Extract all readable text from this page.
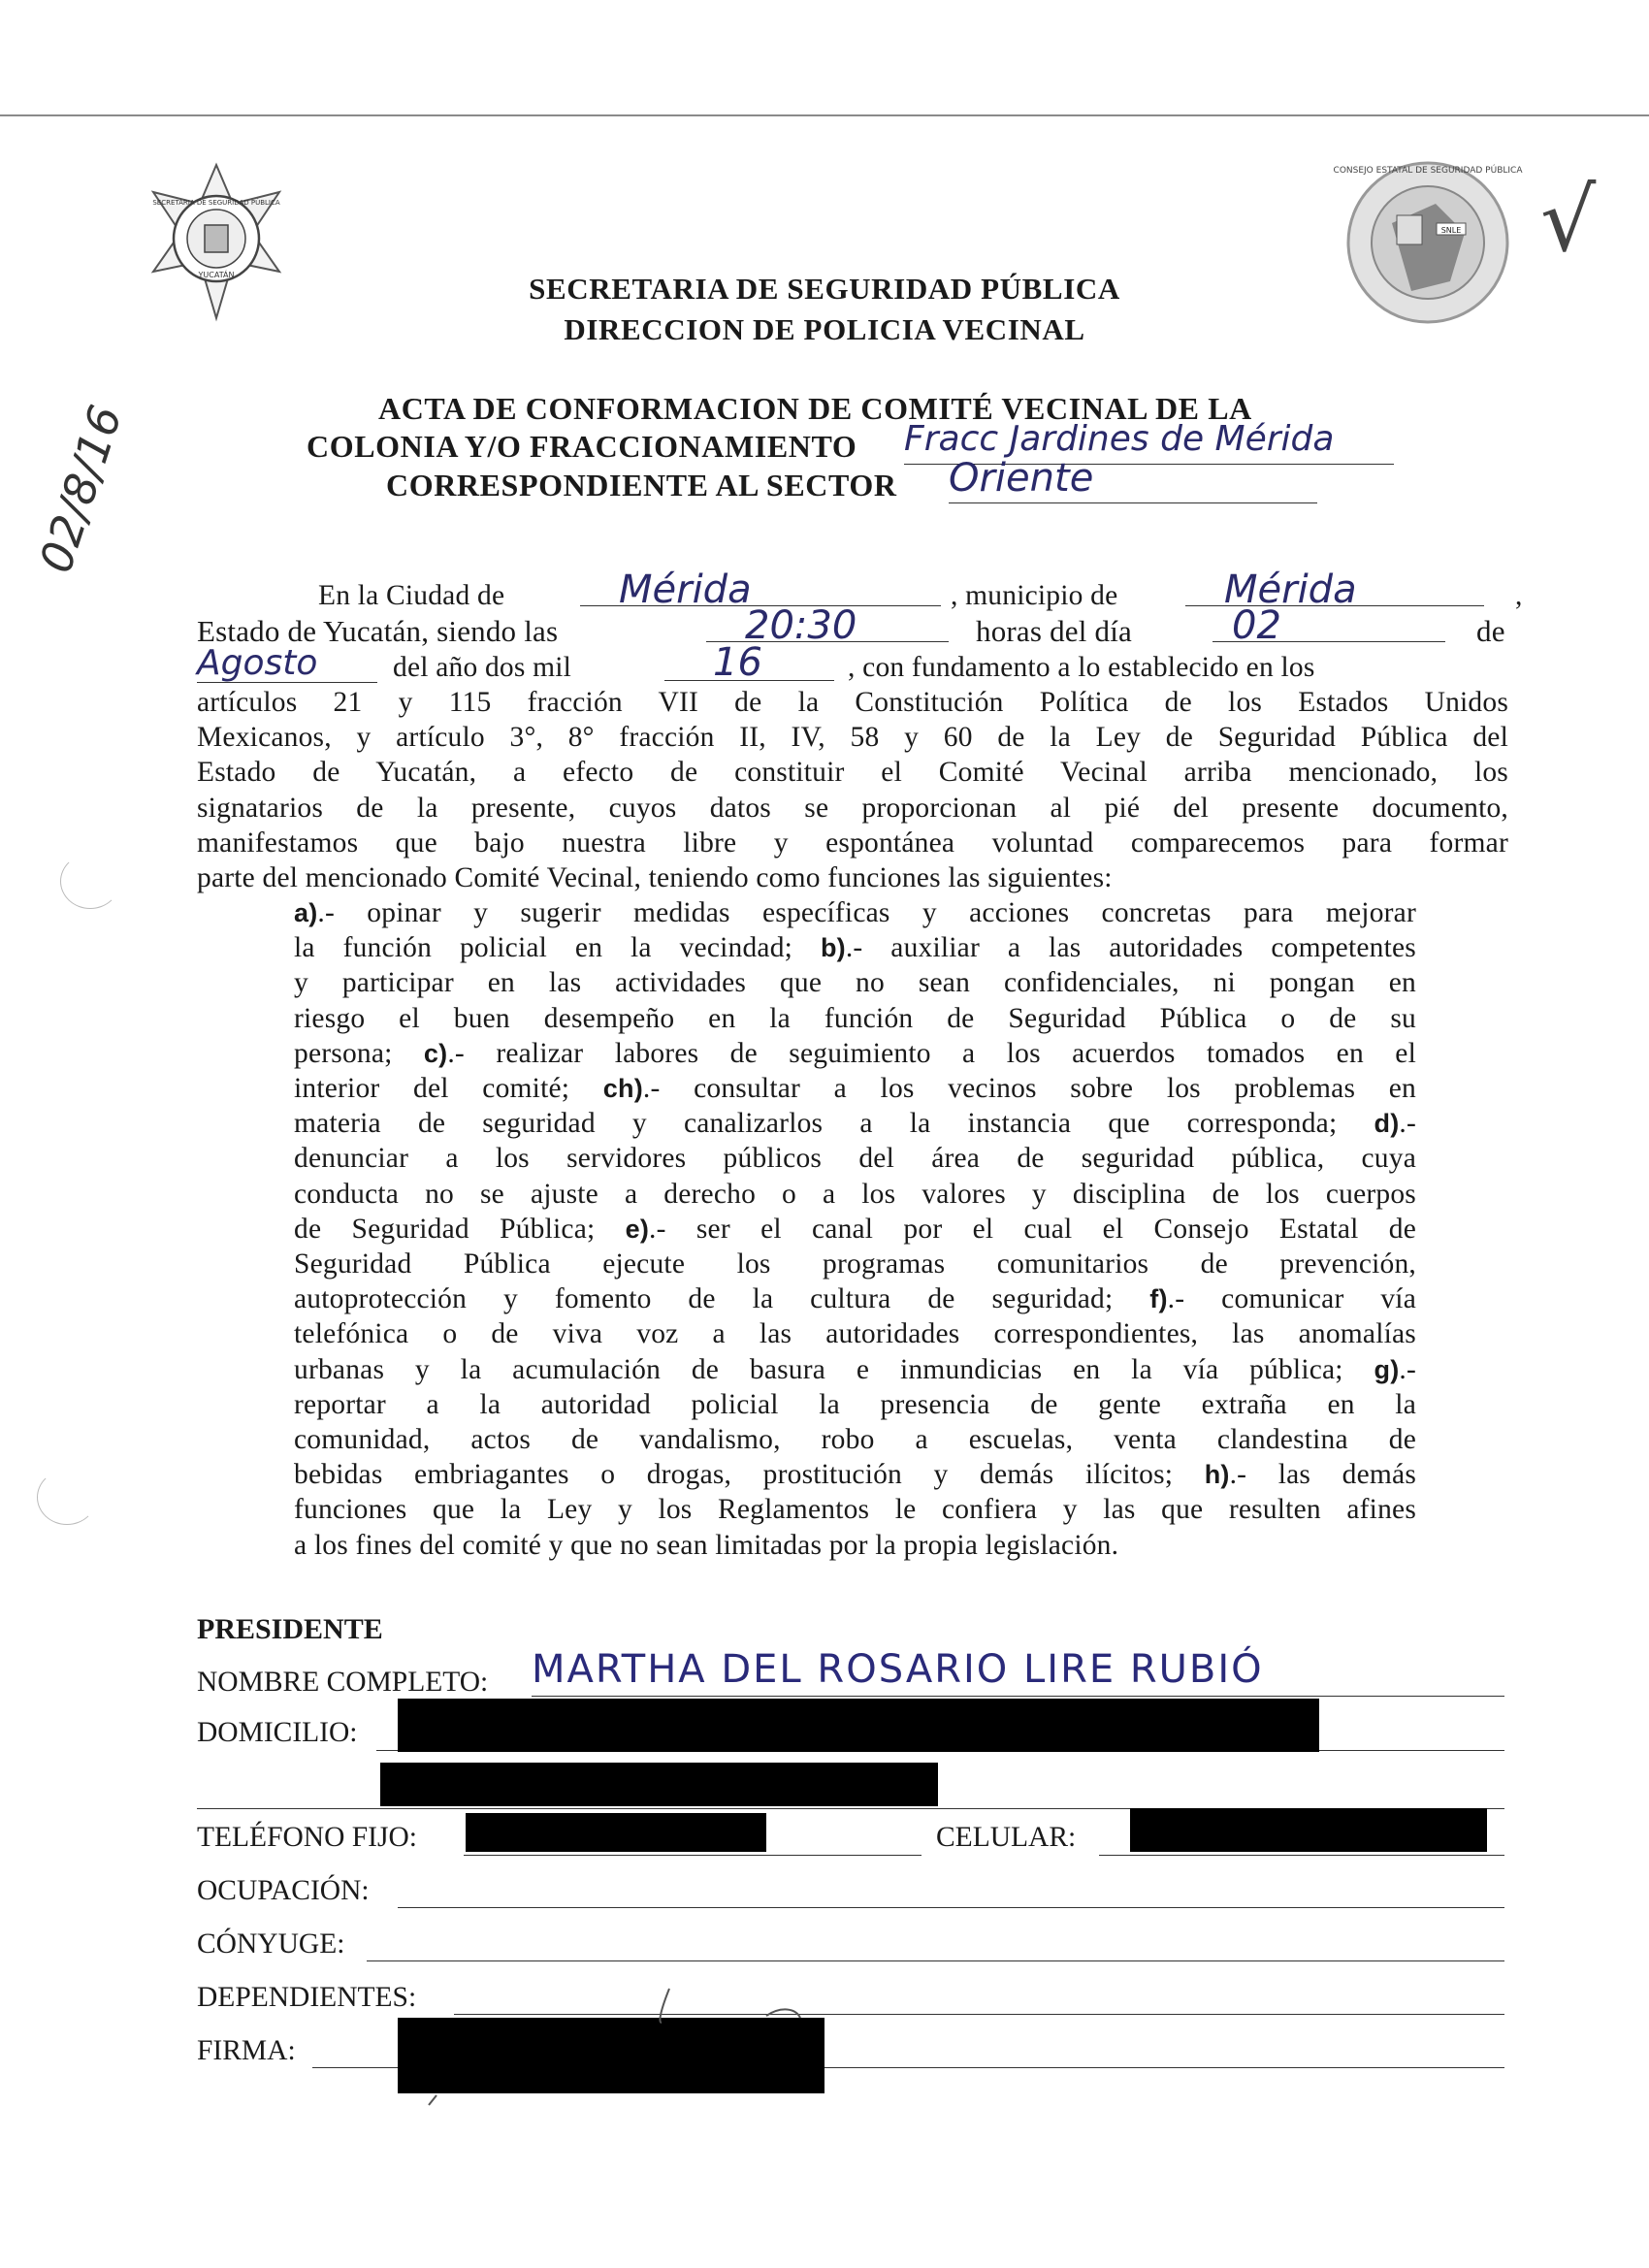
SECRETARIA DE SEGURIDAD PÚBLICA
YUCATÁN
SNLE
CONSEJO ESTATAL DE SEGURIDAD PÚBLICA √
02/8/16
SECRETARIA DE SEGURIDAD PÚBLICA
DIRECCION DE POLICIA VECINAL
ACTA DE CONFORMACION DE COMITÉ VECINAL DE LA
COLONIA Y/O FRACCIONAMIENTO Fracc Jardines de Mérida
CORRESPONDIENTE AL SECTOR Oriente
En la Ciudad de	Mérida	, municipio de	Mérida	,
Estado de Yucatán, siendo las	20:30	horas del día	02	de
Agosto	del año dos mil	16	, con fundamento a lo establecido en los
artículos 21 y 115 fracción VII de la Constitución Política de los Estados Unidos
Mexicanos, y artículo 3°, 8° fracción II, IV, 58 y 60 de la Ley de Seguridad Pública del
Estado de Yucatán, a efecto de constituir el Comité Vecinal arriba mencionado, los
signatarios de la presente, cuyos datos se proporcionan al pié del presente documento,
manifestamos que bajo nuestra libre y espontánea voluntad comparecemos para formar
parte del mencionado Comité Vecinal, teniendo como funciones las siguientes:
a).- opinar y sugerir medidas específicas y acciones concretas para mejorar
la función policial en la vecindad; b).- auxiliar a las autoridades competentes
y participar en las actividades que no sean confidenciales, ni pongan en
riesgo el buen desempeño en la función de Seguridad Pública o de su
persona; c).- realizar labores de seguimiento a los acuerdos tomados en el
interior del comité; ch).- consultar a los vecinos sobre los problemas en
materia de seguridad y canalizarlos a la instancia que corresponda; d).-
denunciar a los servidores públicos del área de seguridad pública, cuya
conducta no se ajuste a derecho o a los valores y disciplina de los cuerpos
de Seguridad Pública; e).- ser el canal por el cual el Consejo Estatal de
Seguridad Pública ejecute los programas comunitarios de prevención,
autoprotección y fomento de la cultura de seguridad; f).- comunicar vía
telefónica o de viva voz a las autoridades correspondientes, las anomalías
urbanas y la acumulación de basura e inmundicias en la vía pública; g).-
reportar a la autoridad policial la presencia de gente extraña en la
comunidad, actos de vandalismo, robo a escuelas, venta clandestina de
bebidas embriagantes o drogas, prostitución y demás ilícitos; h).- las demás
funciones que la Ley y los Reglamentos le confiera y las que resulten afines
a los fines del comité y que no sean limitadas por la propia legislación.
PRESIDENTE
NOMBRE COMPLETO: MARTHA DEL ROSARIO LIRE RUBIÓ
DOMICILIO:
TELÉFONO FIJO:	CELULAR:
OCUPACIÓN:
CÓNYUGE:
DEPENDIENTES:
FIRMA:
